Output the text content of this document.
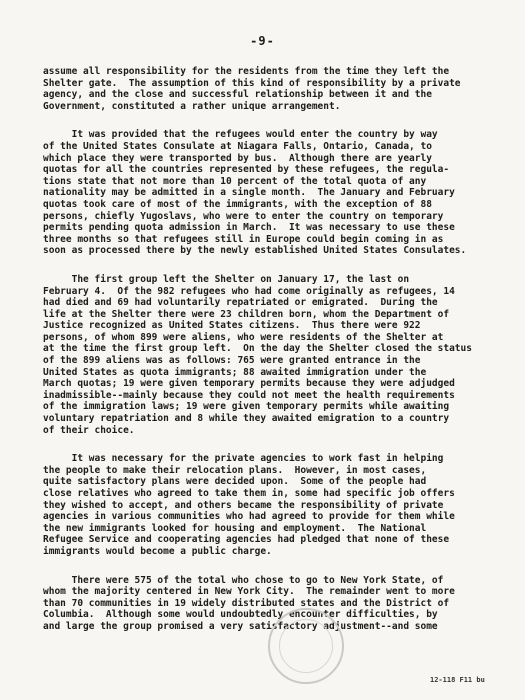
-9-

assume all responsibility for the residents from the time they left the
Shelter gate.  The assumption of this kind of responsibility by a private
agency, and the close and successful relationship between it and the
Government, constituted a rather unique arrangement.

It was provided that the refugees would enter the country by way
of the United States Consulate at Niagara Falls, Ontario, Canada, to
which place they were transported by bus.  Although there are yearly
quotas for all the countries represented by these refugees, the regula-
tions state that not more than 10 percent of the total quota of any
nationality may be admitted in a single month.  The January and February
quotas took care of most of the immigrants, with the exception of 88
persons, chiefly Yugoslavs, who were to enter the country on temporary
permits pending quota admission in March.  It was necessary to use these
three months so that refugees still in Europe could begin coming in as
soon as processed there by the newly established United States Consulates.

The first group left the Shelter on January 17, the last on
February 4.  Of the 982 refugees who had come originally as refugees, 14
had died and 69 had voluntarily repatriated or emigrated.  During the
life at the Shelter there were 23 children born, whom the Department of
Justice recognized as United States citizens.  Thus there were 922
persons, of whom 899 were aliens, who were residents of the Shelter at
at the time the first group left.  On the day the Shelter closed the status
of the 899 aliens was as follows: 765 were granted entrance in the
United States as quota immigrants; 88 awaited immigration under the
March quotas; 19 were given temporary permits because they were adjudged
inadmissible--mainly because they could not meet the health requirements
of the immigration laws; 19 were given temporary permits while awaiting
voluntary repatriation and 8 while they awaited emigration to a country
of their choice.

It was necessary for the private agencies to work fast in helping
the people to make their relocation plans.  However, in most cases,
quite satisfactory plans were decided upon.  Some of the people had
close relatives who agreed to take them in, some had specific job offers
they wished to accept, and others became the responsibility of private
agencies in various communities who had agreed to provide for them while
the new immigrants looked for housing and employment.  The National
Refugee Service and cooperating agencies had pledged that none of these
immigrants would become a public charge.

There were 575 of the total who chose to go to New York State, of
whom the majority centered in New York City.  The remainder went to more
than 70 communities in 19 widely distributed states and the District of
Columbia.  Although some would undoubtedly encounter difficulties, by
and large the group promised a very satisfactory adjustment--and some

12-118 F11 bu
